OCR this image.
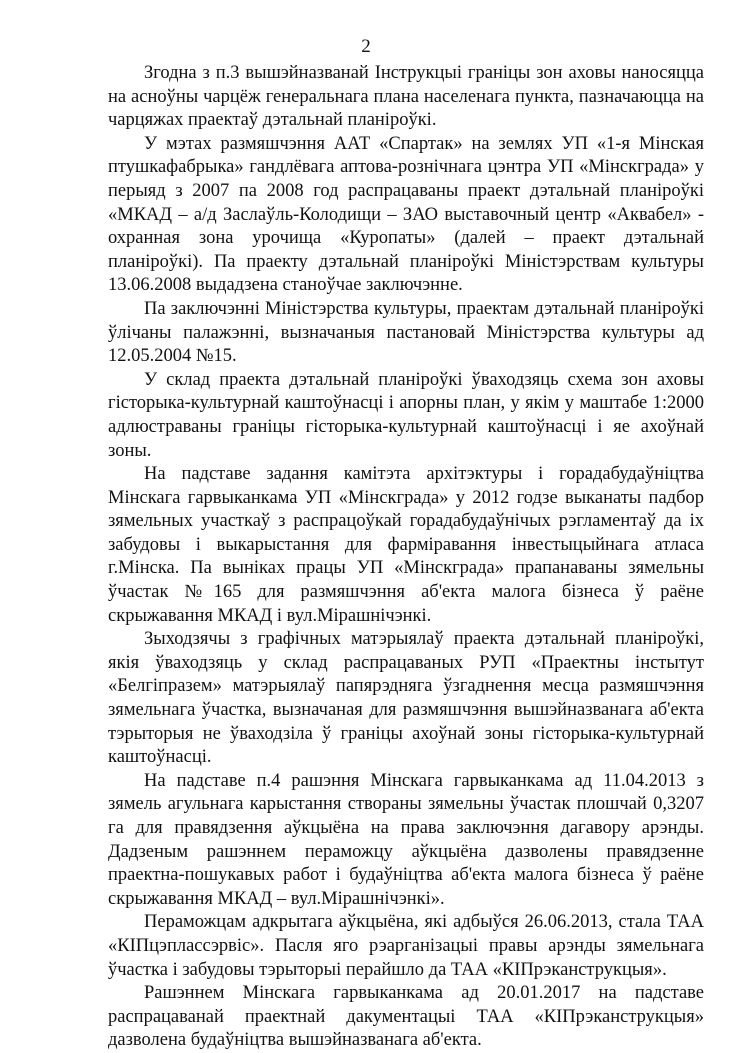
2

Згодна з п.3 вышэйназванай Інструкцыі граніцы зон аховы наносяцца на асноўны чарцёж генеральнага плана населенага пункта, пазначаюцца на чарцяжах праектаў дэтальнай планіроўкі.

У мэтах размяшчэння ААТ «Спартак» на землях УП «1-я Мінская птушкафабрыка» гандлёвага аптова-рознічнага цэнтра УП «Мінскграда» у перыяд з 2007 па 2008 год распрацаваны праект дэтальнай планіроўкі «МКАД – а/д Заслаўль-Колодищи – ЗАО выставочный центр «Аквабел» - охранная зона урочища «Куропаты» (далей – праект дэтальнай планіроўкі). Па праекту дэтальнай планіроўкі Міністэрствам культуры 13.06.2008 выдадзена станоўчае заключэнне.

Па заключэнні Міністэрства культуры, праектам дэтальнай планіроўкі ўлічаны палажэнні, вызначаныя пастановай Міністэрства культуры ад 12.05.2004 №15.

У склад праекта дэтальнай планіроўкі ўваходзяць схема зон аховы гісторыка-культурнай каштоўнасці і апорны план, у якім у маштабе 1:2000 адлюстраваны граніцы гісторыка-культурнай каштоўнасці і яе ахоўнай зоны.

На падставе задання камітэта архітэктуры і горадабудаўніцтва Мінскага гарвыканкама УП «Мінскграда» у 2012 годзе выканаты падбор зямельных участкаў з распрацоўкай горадабудаўнічых рэгламентаў да іх забудовы і выкарыстання для фарміравання інвестыцыйнага атласа г.Мінска. Па выніках працы УП «Мінскграда» прапанаваны зямельны ўчастак №165 для размяшчэння аб'екта малога бізнеса ў раёне скрыжавання МКАД і вул.Мірашнічэнкі.

Зыходзячы з графічных матэрыялаў праекта дэтальнай планіроўкі, якія ўваходзяць у склад распрацаваных РУП «Праектны інстытут «Белгіпразем» матэрыялаў папярэдняга ўзгаднення месца размяшчэння зямельнага ўчастка, вызначаная для размяшчэння вышэйназванага аб'екта тэрыторыя не ўваходзіла ў граніцы ахоўнай зоны гісторыка-культурнай каштоўнасці.

На падставе п.4 рашэння Мінскага гарвыканкама ад 11.04.2013 з зямель агульнага карыстання створаны зямельны ўчастак плошчай 0,3207 га для правядзення аўкцыёна на права заключэння дагавору арэнды. Дадзеным рашэннем пераможцу аўкцыёна дазволены правядзенне праектна-пошукавых работ і будаўніцтва аб'екта малога бізнеса ў раёне скрыжавання МКАД – вул.Мірашнічэнкі».

Пераможцам адкрытага аўкцыёна, які адбыўся 26.06.2013, стала ТАА «КІПцэплассэрвіс». Пасля яго рэарганізацыі правы арэнды зямельнага ўчастка і забудовы тэрыторыі перайшло да ТАА «КІПрэканструкцыя».

Рашэннем Мінскага гарвыканкама ад 20.01.2017 на падставе распрацаванай праектнай дакументацыі ТАА «КІПрэканструкцыя» дазволена будаўніцтва вышэйназванага аб'екта.
